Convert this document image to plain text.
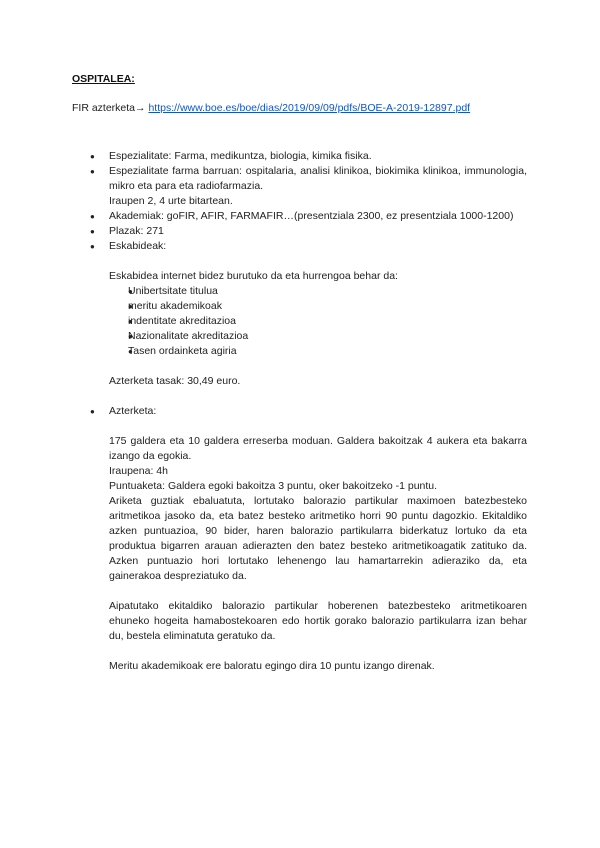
OSPITALEA:
FIR azterketa→ https://www.boe.es/boe/dias/2019/09/09/pdfs/BOE-A-2019-12897.pdf
● Espezialitate: Farma, medikuntza, biologia, kimika fisika.
● Espezialitate farma barruan: ospitalaria, analisi klinikoa, biokimika klinikoa, immunologia, mikro eta para eta radiofarmazia.
Iraupen 2, 4 urte bitartean.
● Akademiak: goFIR, AFIR, FARMAFIR…(presentziala 2300, ez presentziala 1000-1200)
● Plazak: 271
● Eskabideak:
Eskabidea internet bidez burutuko da eta hurrengoa behar da:
● Unibertsitate titulua
● meritu akademikoak
● indentitate akreditazioa
● Nazionalitate akreditazioa
● Tasen ordainketa agiria
Azterketa tasak: 30,49 euro.
● Azterketa:
175 galdera eta 10 galdera erreserba moduan. Galdera bakoitzak 4 aukera eta bakarra izango da egokia.
Iraupena: 4h
Puntuaketa: Galdera egoki bakoitza 3 puntu, oker bakoitzeko -1 puntu.
Ariketa guztiak ebaluatuta, lortutako balorazio partikular maximoen batezbesteko aritmetikoa jasoko da, eta batez besteko aritmetiko horri 90 puntu dagozkio. Ekitaldiko azken puntuazioa, 90 bider, haren balorazio partikularra biderkatuz lortuko da eta produktua bigarren arauan adierazten den batez besteko aritmetikoagatik zatituko da. Azken puntuazio hori lortutako lehenengo lau hamartarrekin adieraziko da, eta gainerakoa despreziatuko da.
Aipatutako ekitaldiko balorazio partikular hoberenen batezbesteko aritmetikoaren ehuneko hogeita hamabostekoaren edo hortik gorako balorazio partikularra izan behar du, bestela eliminatuta geratuko da.
Meritu akademikoak ere baloratu egingo dira 10 puntu izango direnak.
